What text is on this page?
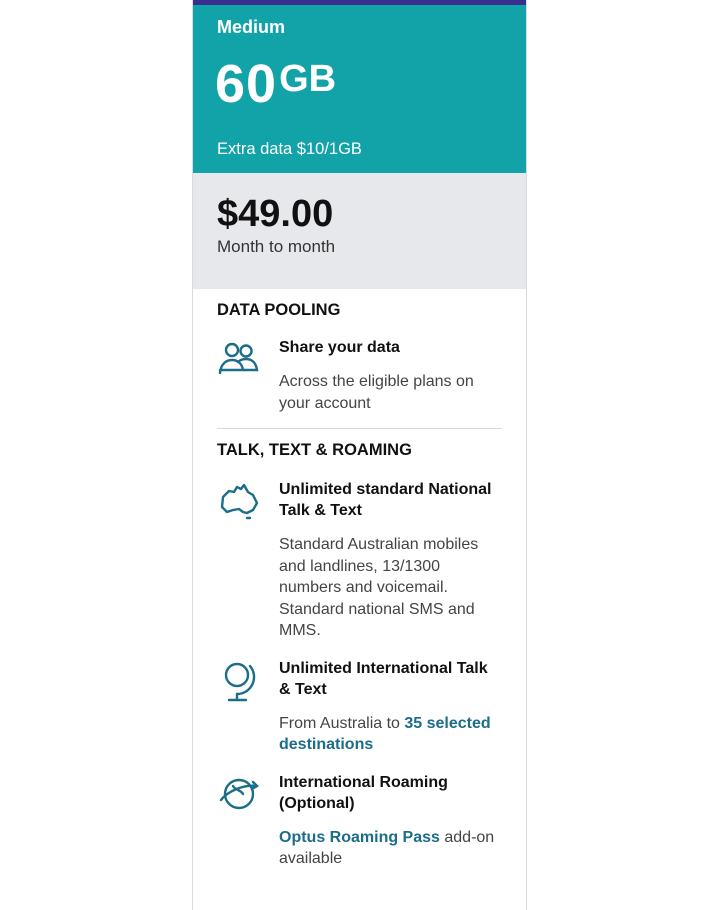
Medium
60GB
Extra data $10/1GB
$49.00
Month to month
DATA POOLING
Share your data
Across the eligible plans on your account
TALK, TEXT & ROAMING
Unlimited standard National Talk & Text
Standard Australian mobiles and landlines, 13/1300 numbers and voicemail. Standard national SMS and MMS.
Unlimited International Talk & Text
From Australia to 35 selected destinations
International Roaming (Optional)
Optus Roaming Pass add-on available
